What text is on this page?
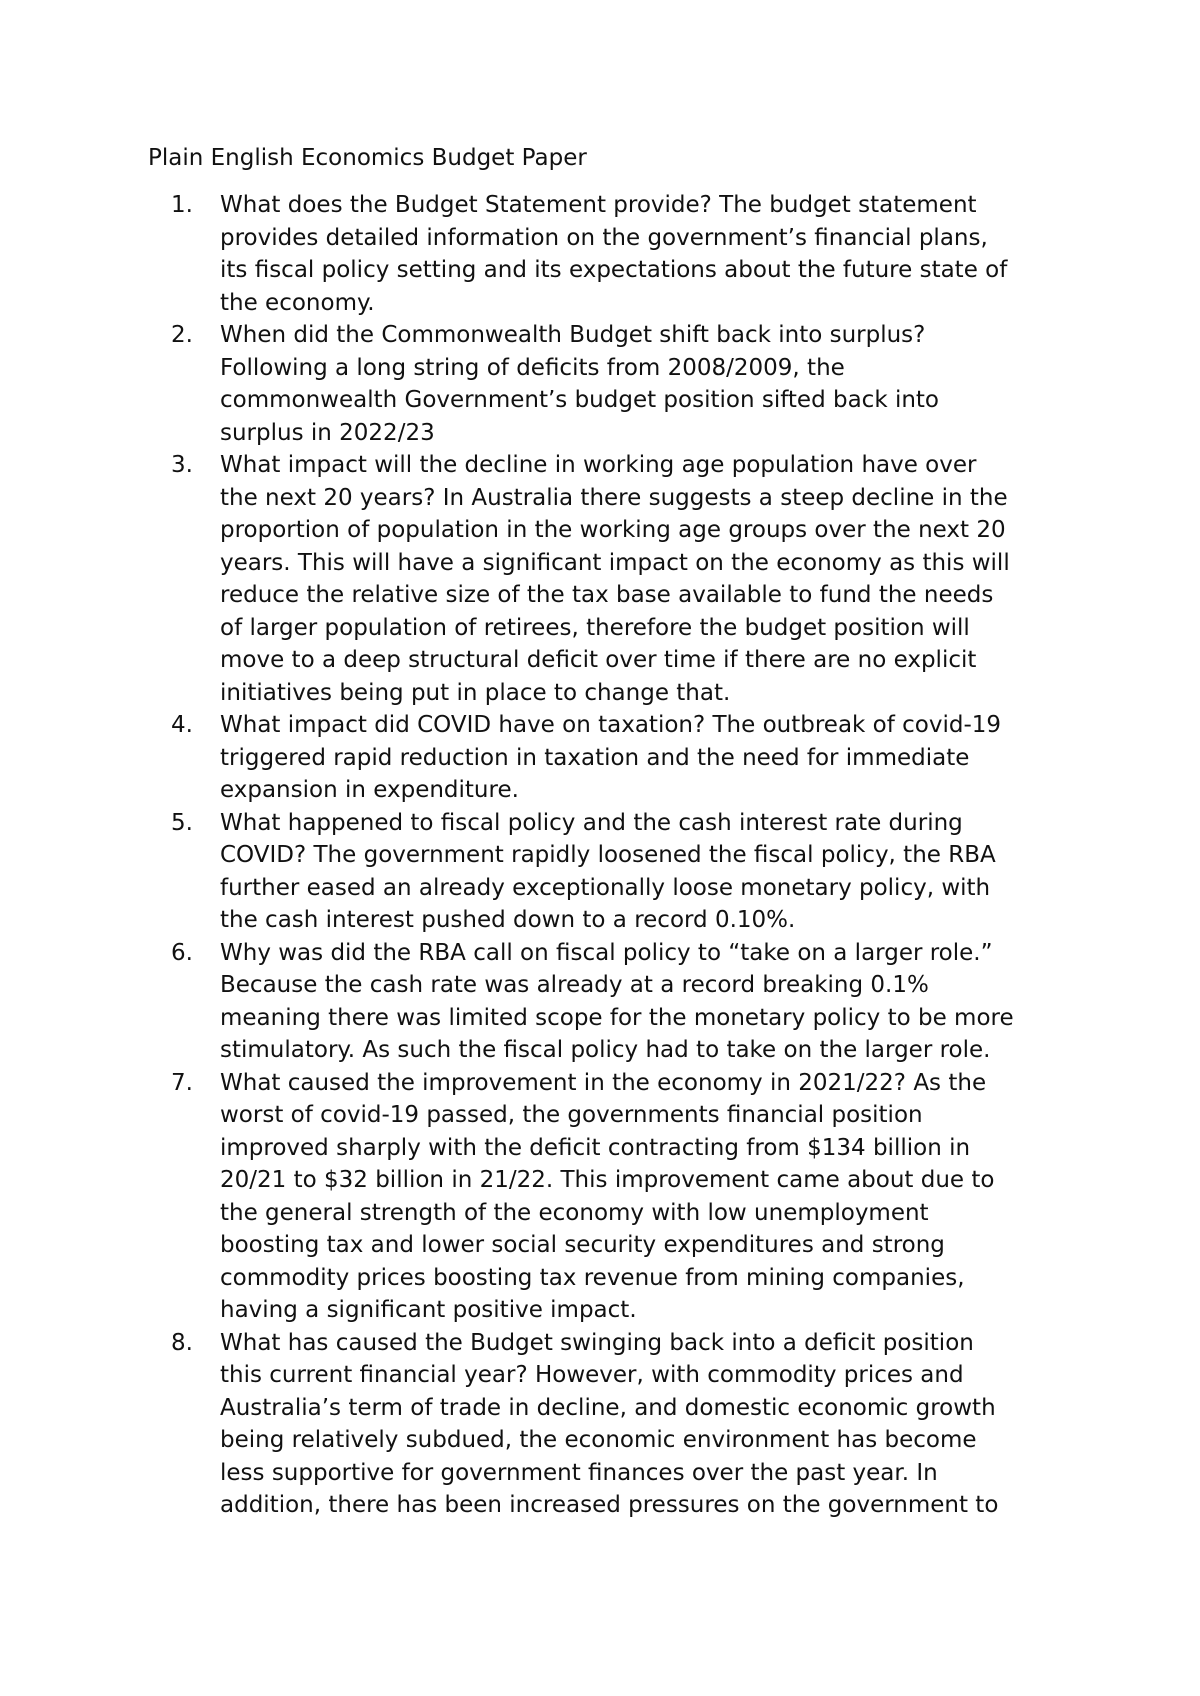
Plain English Economics Budget Paper
1.	What does the Budget Statement provide? The budget statement
provides detailed information on the government’s financial plans,
its fiscal policy setting and its expectations about the future state of
the economy.
2.	When did the Commonwealth Budget shift back into surplus?
Following a long string of deficits from 2008/2009, the
commonwealth Government’s budget position sifted back into
surplus in 2022/23
3.	What impact will the decline in working age population have over
the next 20 years? In Australia there suggests a steep decline in the
proportion of population in the working age groups over the next 20
years. This will have a significant impact on the economy as this will
reduce the relative size of the tax base available to fund the needs
of larger population of retirees, therefore the budget position will
move to a deep structural deficit over time if there are no explicit
initiatives being put in place to change that.
4.	What impact did COVID have on taxation? The outbreak of covid-19
triggered rapid reduction in taxation and the need for immediate
expansion in expenditure.
5.	What happened to fiscal policy and the cash interest rate during
COVID? The government rapidly loosened the fiscal policy, the RBA
further eased an already exceptionally loose monetary policy, with
the cash interest pushed down to a record 0.10%.
6.	Why was did the RBA call on fiscal policy to “take on a larger role.”
Because the cash rate was already at a record breaking 0.1%
meaning there was limited scope for the monetary policy to be more
stimulatory. As such the fiscal policy had to take on the larger role.
7.	What caused the improvement in the economy in 2021/22? As the
worst of covid-19 passed, the governments financial position
improved sharply with the deficit contracting from $134 billion in
20/21 to $32 billion in 21/22. This improvement came about due to
the general strength of the economy with low unemployment
boosting tax and lower social security expenditures and strong
commodity prices boosting tax revenue from mining companies,
having a significant positive impact.
8.	What has caused the Budget swinging back into a deficit position
this current financial year? However, with commodity prices and
Australia’s term of trade in decline, and domestic economic growth
being relatively subdued, the economic environment has become
less supportive for government finances over the past year. In
addition, there has been increased pressures on the government to
